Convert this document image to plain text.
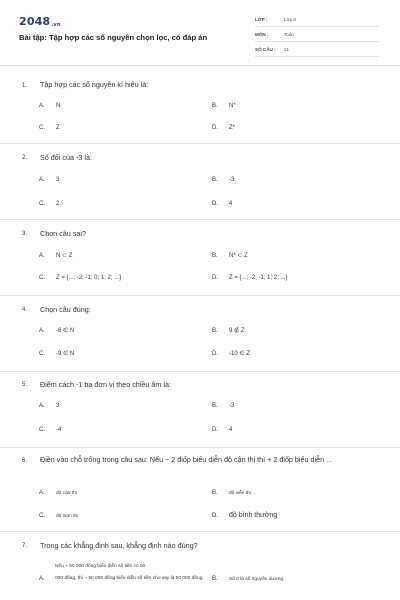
2048.vn
Bài tập: Tập hợp các số nguyên chọn lọc, có đáp án
LỚP :	Lớp 6
MÔN :	Toán
SỐ CÂU : 21
1. Tập hợp các số nguyên kí hiệu là:
A. N	B. N*
C. Z	D. Z*
2. Số đối của -3 là:
A. 3	B. -3
C. 2	D. 4
3. Chọn câu sai?
A. N ⊂ Z	B. N* ⊂ Z
C. Z = {...; -2; -1; 0; 1; 2; ...}	D. Z = {...; -2; -1; 1; 2; ...}
4. Chọn câu đúng:
A. -6 ∈ N	B. 9 ∉ Z
C. -9 ∈ N	D. -10 ∈ Z
5. Điểm cách -1 ba đơn vị theo chiều âm là:
A. 3	B. -3
C. -4	D. 4
6. Điền vào chỗ trống trong câu sau: Nếu − 2 điốp biểu diễn độ cận thị thì + 2 điốp biểu diễn ...
A. độ cận thị	B. độ viễn thị
C. độ loạn thị	D. độ bình thường
7. Trong các khẳng định sau, khẳng định nào đúng?
Nếu + 50 000 đồng biểu diễn số tiền có 50
A.	000 đồng, thì − 50 000 đồng biểu diễn số tiền cho vay là 50 000 đồng.	B. Số 0 là số nguyên dương.
